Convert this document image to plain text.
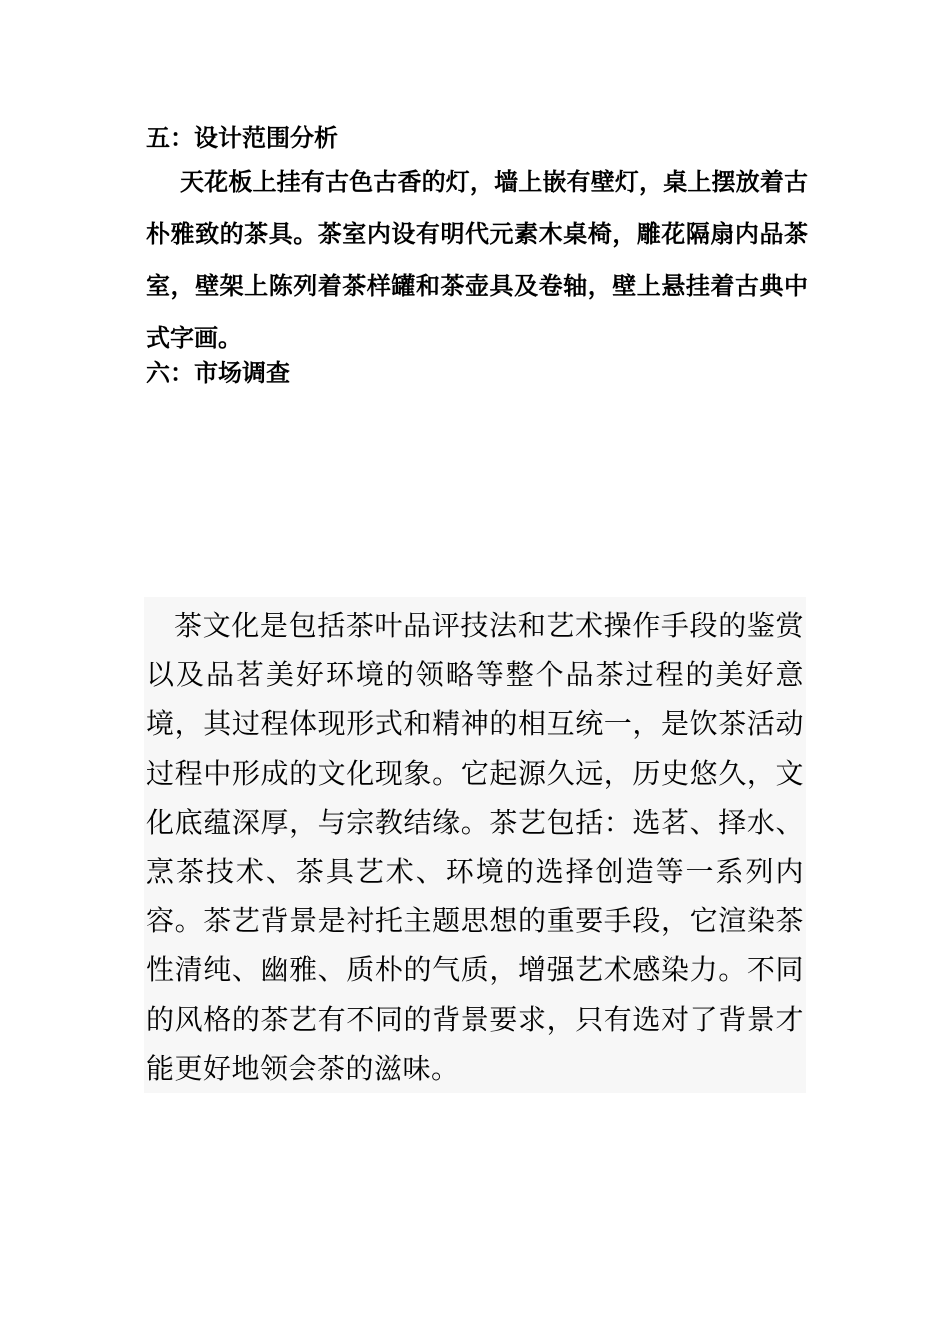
五：设计范围分析
天花板上挂有古色古香的灯，墙上嵌有壁灯，桌上摆放着古朴雅致的茶具。茶室内设有明代元素木桌椅，雕花隔扇内品茶室，壁架上陈列着茶样罐和茶壶具及卷轴，壁上悬挂着古典中式字画。
六：市场调查

茶文化是包括茶叶品评技法和艺术操作手段的鉴赏以及品茗美好环境的领略等整个品茶过程的美好意境，其过程体现形式和精神的相互统一，是饮茶活动过程中形成的文化现象。它起源久远，历史悠久，文化底蕴深厚，与宗教结缘。茶艺包括：选茗、择水、烹茶技术、茶具艺术、环境的选择创造等一系列内容。茶艺背景是衬托主题思想的重要手段，它渲染茶性清纯、幽雅、质朴的气质，增强艺术感染力。不同的风格的茶艺有不同的背景要求，只有选对了背景才能更好地领会茶的滋味。
